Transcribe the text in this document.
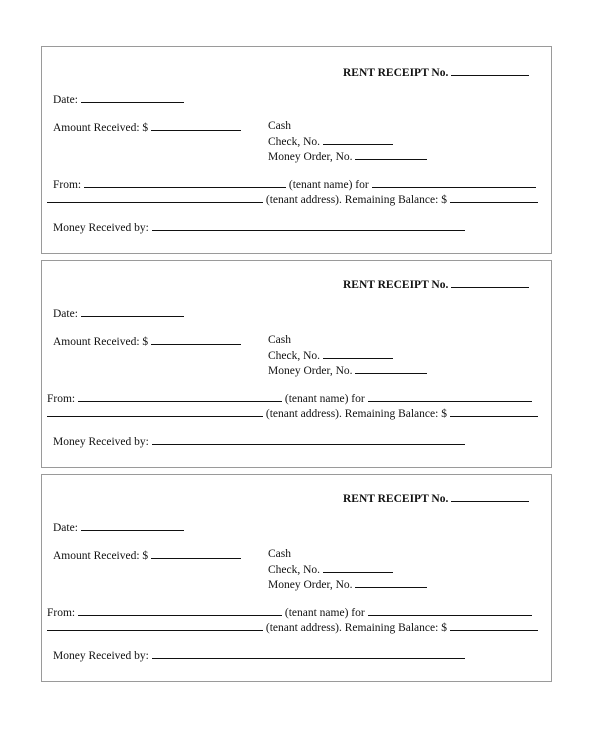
RENT RECEIPT No.
Date:
Amount Received: $	Cash
Check, No.
Money Order, No.
From:	(tenant name) for
(tenant address). Remaining Balance: $
Money Received by:
RENT RECEIPT No.
Date:
Amount Received: $	Cash
Check, No.
Money Order, No.
From:	(tenant name) for
(tenant address). Remaining Balance: $
Money Received by:
RENT RECEIPT No.
Date:
Amount Received: $	Cash
Check, No.
Money Order, No.
From:	(tenant name) for
(tenant address). Remaining Balance: $
Money Received by:
